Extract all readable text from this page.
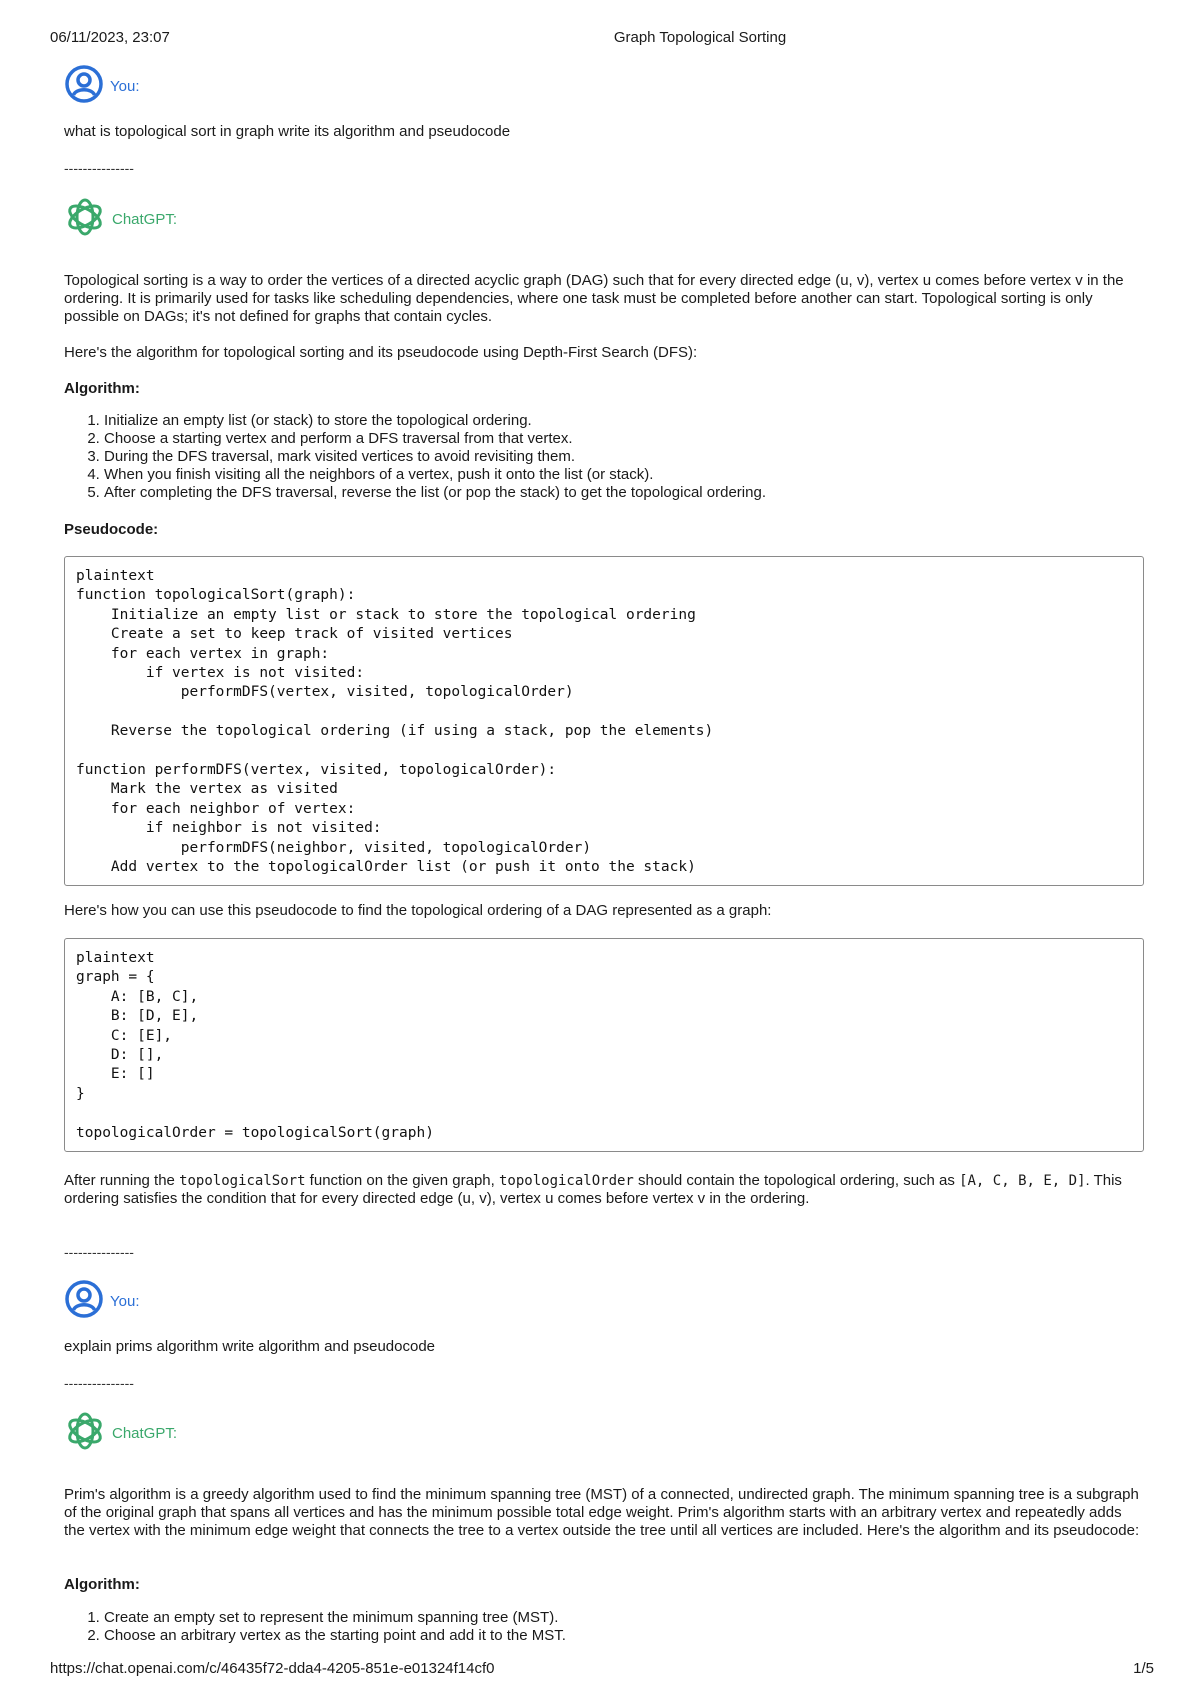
06/11/2023, 23:07	Graph Topological Sorting
You:
what is topological sort in graph write its algorithm and pseudocode
---------------
ChatGPT:
Topological sorting is a way to order the vertices of a directed acyclic graph (DAG) such that for every directed edge (u, v), vertex u comes before vertex v in the ordering. It is primarily used for tasks like scheduling dependencies, where one task must be completed before another can start. Topological sorting is only possible on DAGs; it's not defined for graphs that contain cycles.
Here's the algorithm for topological sorting and its pseudocode using Depth-First Search (DFS):
Algorithm:
1. Initialize an empty list (or stack) to store the topological ordering.
2. Choose a starting vertex and perform a DFS traversal from that vertex.
3. During the DFS traversal, mark visited vertices to avoid revisiting them.
4. When you finish visiting all the neighbors of a vertex, push it onto the list (or stack).
5. After completing the DFS traversal, reverse the list (or pop the stack) to get the topological ordering.
Pseudocode:
plaintext
function topologicalSort(graph):
Initialize an empty list or stack to store the topological ordering
Create a set to keep track of visited vertices
for each vertex in graph:
if vertex is not visited:
performDFS(vertex, visited, topologicalOrder)

Reverse the topological ordering (if using a stack, pop the elements)

function performDFS(vertex, visited, topologicalOrder):
Mark the vertex as visited
for each neighbor of vertex:
if neighbor is not visited:
performDFS(neighbor, visited, topologicalOrder)
Add vertex to the topologicalOrder list (or push it onto the stack)
Here's how you can use this pseudocode to find the topological ordering of a DAG represented as a graph:
plaintext
graph = {
A: [B, C],
B: [D, E],
C: [E],
D: [],
E: []
}

topologicalOrder = topologicalSort(graph)
After running the topologicalSort function on the given graph, topologicalOrder should contain the topological ordering, such as [A, C, B, E, D]. This ordering satisfies the condition that for every directed edge (u, v), vertex u comes before vertex v in the ordering.
---------------
You:
explain prims algorithm write algorithm and pseudocode
---------------
ChatGPT:
Prim's algorithm is a greedy algorithm used to find the minimum spanning tree (MST) of a connected, undirected graph. The minimum spanning tree is a subgraph of the original graph that spans all vertices and has the minimum possible total edge weight. Prim's algorithm starts with an arbitrary vertex and repeatedly adds the vertex with the minimum edge weight that connects the tree to a vertex outside the tree until all vertices are included. Here's the algorithm and its pseudocode:
Algorithm:
1. Create an empty set to represent the minimum spanning tree (MST).
2. Choose an arbitrary vertex as the starting point and add it to the MST.
https://chat.openai.com/c/46435f72-dda4-4205-851e-e01324f14cf0	1/5
